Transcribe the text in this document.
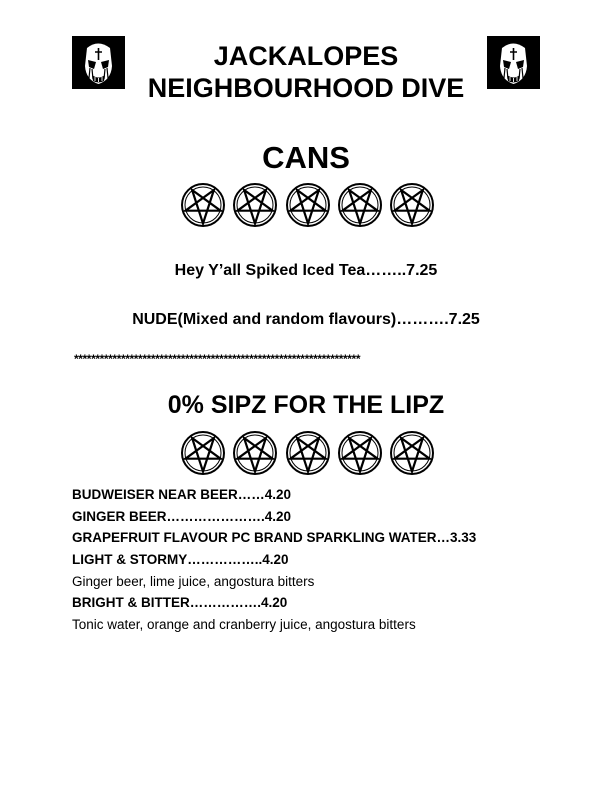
JACKALOPES
NEIGHBOURHOOD DIVE
CANS
Hey Y’all Spiked Iced Tea……..7.25
NUDE(Mixed and random flavours)……….7.25
*******************************************************************
0% SIPZ FOR THE LIPZ
BUDWEISER NEAR BEER……4.20
GINGER BEER………………….4.20
GRAPEFRUIT FLAVOUR PC BRAND SPARKLING WATER…3.33
LIGHT & STORMY……………..4.20
Ginger beer, lime juice, angostura bitters
BRIGHT & BITTER…………….4.20
Tonic water, orange and cranberry juice, angostura bitters
